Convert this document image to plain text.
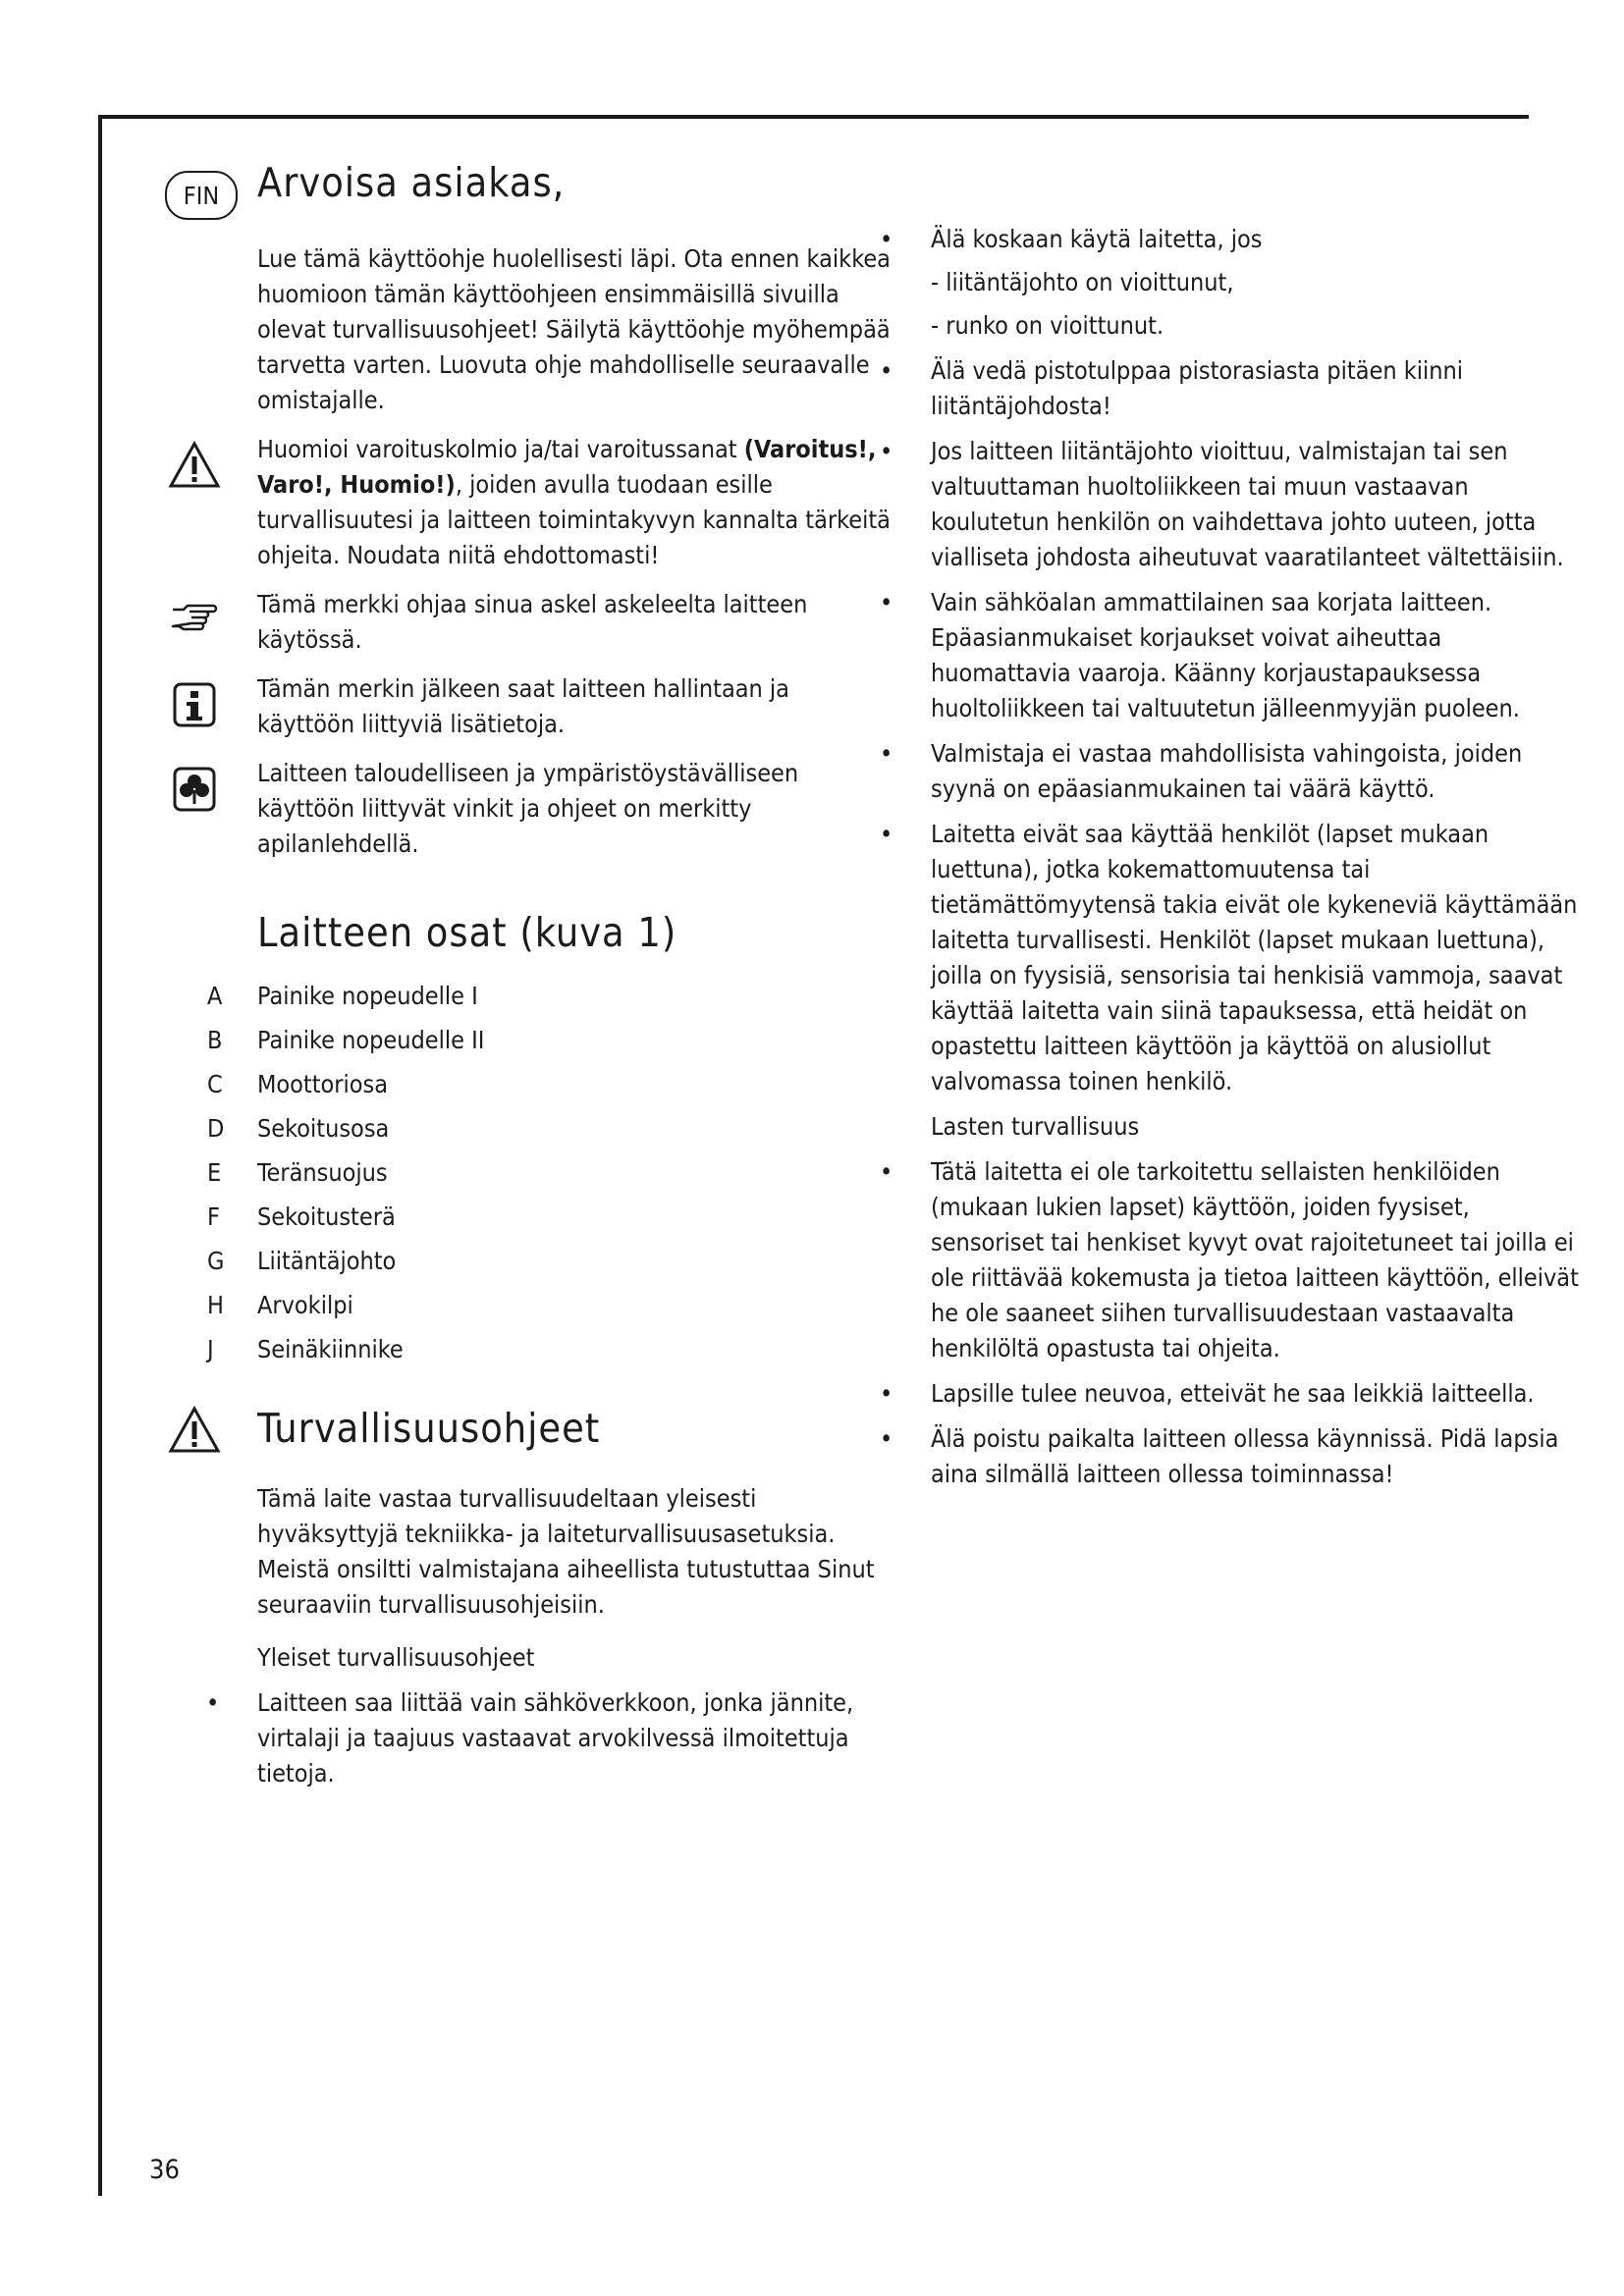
FIN Arvoisa asiakas,

Lue tämä käyttöohje huolellisesti läpi. Ota ennen kaikkea huomioon tämän käyttöohjeen ensimmäisillä sivuilla olevat turvallisuusohjeet! Säilytä käyttöohje myöhempää tarvetta varten. Luovuta ohje mahdolliselle seuraavalle omistajalle.

Huomioi varoituskolmio ja/tai varoitussanat (Varoitus!, Varo!, Huomio!), joiden avulla tuodaan esille turvallisuutesi ja laitteen toimintakyvyn kannalta tärkeitä ohjeita. Noudata niitä ehdottomasti!

Tämä merkki ohjaa sinua askel askeleelta laitteen käytössä.

Tämän merkin jälkeen saat laitteen hallintaan ja käyttöön liittyviä lisätietoja.

Laitteen taloudelliseen ja ympäristöystävälliseen käyttöön liittyvät vinkit ja ohjeet on merkitty apilanlehdellä.

Laitteen osat (kuva 1)
A Painike nopeudelle I
B Painike nopeudelle II
C Moottoriosa
D Sekoitusosa
E Teränsuojus
F Sekoitusterä
G Liitäntäjohto
H Arvokilpi
J Seinäkiinnike
Turvallisuusohjeet

Tämä laite vastaa turvallisuudeltaan yleisesti hyväksyttyjä tekniikka- ja laiteturvallisuusasetuksia. Meistä onsiltti valmistajana aiheellista tutustuttaa Sinut seuraaviin turvallisuusohjeisiin.

Yleiset turvallisuusohjeet
• Laitteen saa liittää vain sähköverkkoon, jonka jännite, virtalaji ja taajuus vastaavat arvokilvessä ilmoitettuja tietoja.
• Älä koskaan käytä laitetta, jos
- liitäntäjohto on vioittunut,
- runko on vioittunut.
• Älä vedä pistotulppaa pistorasiasta pitäen kiinni liitäntäjohdosta!
• Jos laitteen liitäntäjohto vioittuu, valmistajan tai sen valtuuttaman huoltoliikkeen tai muun vastaavan koulutetun henkilön on vaihdettava johto uuteen, jotta vialliseta johdosta aiheutuvat vaaratilanteet vältettäisiin.
• Vain sähköalan ammattilainen saa korjata laitteen. Epäasianmukaiset korjaukset voivat aiheuttaa huomattavia vaaroja. Käänny korjaustapauksessa huoltoliikkeen tai valtuutetun jälleenmyyjän puoleen.
• Valmistaja ei vastaa mahdollisista vahingoista, joiden syynä on epäasianmukainen tai väärä käyttö.
• Laitetta eivät saa käyttää henkilöt (lapset mukaan luettuna), jotka kokemattomuutensa tai tietämättömyytensä takia eivät ole kykeneviä käyttämään laitetta turvallisesti. Henkilöt (lapset mukaan luettuna), joilla on fyysisiä, sensorisia tai henkisiä vammoja, saavat käyttää laitetta vain siinä tapauksessa, että heidät on opastettu laitteen käyttöön ja käyttöä on alusiollut valvomassa toinen henkilö.
Lasten turvallisuus
• Tätä laitetta ei ole tarkoitettu sellaisten henkilöiden (mukaan lukien lapset) käyttöön, joiden fyysiset, sensoriset tai henkiset kyvyt ovat rajoitetuneet tai joilla ei ole riittävää kokemusta ja tietoa laitteen käyttöön, elleivät he ole saaneet siihen turvallisuudestaan vastaavalta henkilöltä opastusta tai ohjeita.
• Lapsille tulee neuvoa, etteivät he saa leikkiä laitteella.
• Älä poistu paikalta laitteen ollessa käynnissä. Pidä lapsia aina silmällä laitteen ollessa toiminnassa!
36
